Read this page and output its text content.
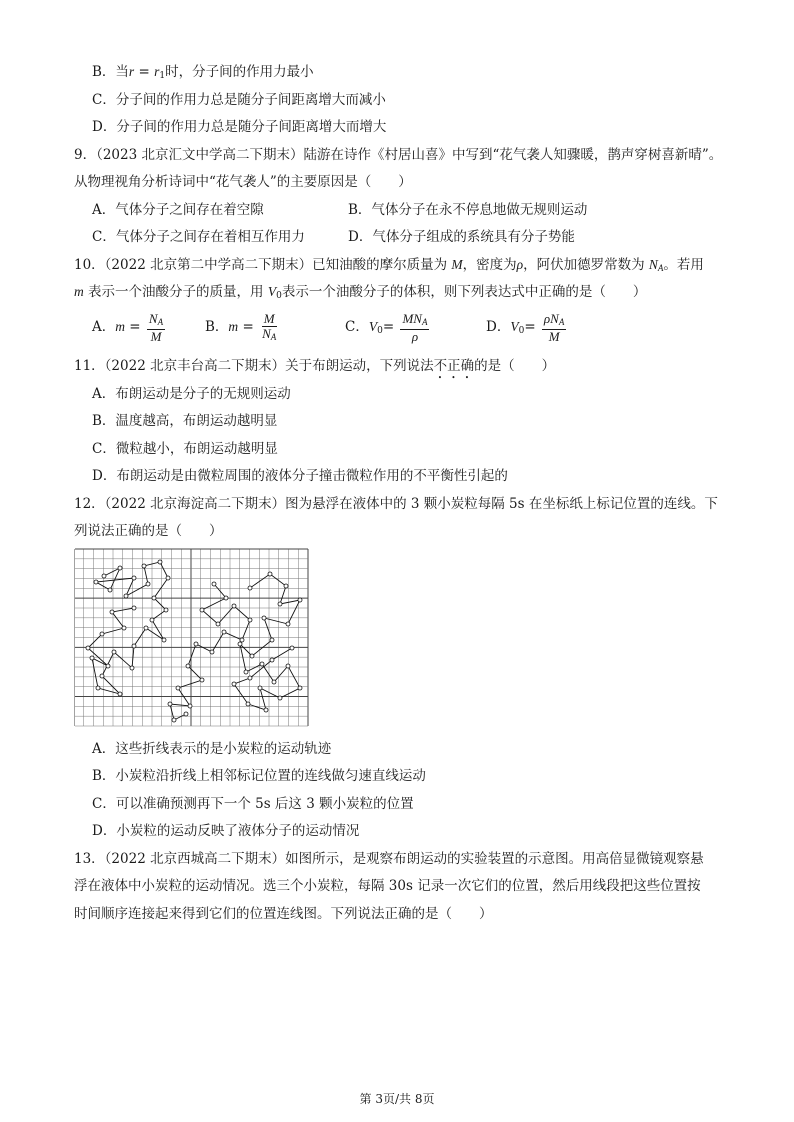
B．当$r = r_1$时，分子间的作用力最小
C．分子间的作用力总是随分子间距离增大而减小
D．分子间的作用力总是随分子间距离增大而增大
9．（2023 北京汇文中学高二下期末）陆游在诗作《村居山喜》中写到“花气袭人知骤暖，鹊声穿树喜新晴”。
从物理视角分析诗词中“花气袭人”的主要原因是（　　）
A．气体分子之间存在着空隙	B．气体分子在永不停息地做无规则运动
C．气体分子之间存在着相互作用力	D．气体分子组成的系统具有分子势能
10．（2022 北京第二中学高二下期末）已知油酸的摩尔质量为 M，密度为ρ，阿伏加德罗常数为 $N_A$。若用
m 表示一个油酸分子的质量，用 $V_0$表示一个油酸分子的体积，则下列表达式中正确的是（　　）
A．$m = \frac{N_A}{M}$	B．$m = \frac{M}{N_A}$	C．$V_0= \frac{MN_A}{\rho}$	D．$V_0= \frac{\rho N_A}{M}$
11．（2022 北京丰台高二下期末）关于布朗运动，下列说法不正确的是（　　）
A．布朗运动是分子的无规则运动
B．温度越高，布朗运动越明显
C．微粒越小，布朗运动越明显
D．布朗运动是由微粒周围的液体分子撞击微粒作用的不平衡性引起的
12．（2022 北京海淀高二下期末）图为悬浮在液体中的 3 颗小炭粒每隔 5s 在坐标纸上标记位置的连线。下
列说法正确的是（　　）
A．这些折线表示的是小炭粒的运动轨迹
B．小炭粒沿折线上相邻标记位置的连线做匀速直线运动
C．可以准确预测再下一个 5s 后这 3 颗小炭粒的位置
D．小炭粒的运动反映了液体分子的运动情况
13．（2022 北京西城高二下期末）如图所示，是观察布朗运动的实验装置的示意图。用高倍显微镜观察悬
浮在液体中小炭粒的运动情况。选三个小炭粒，每隔 30s 记录一次它们的位置，然后用线段把这些位置按
时间顺序连接起来得到它们的位置连线图。下列说法正确的是（　　）
第 3页/共 8页
